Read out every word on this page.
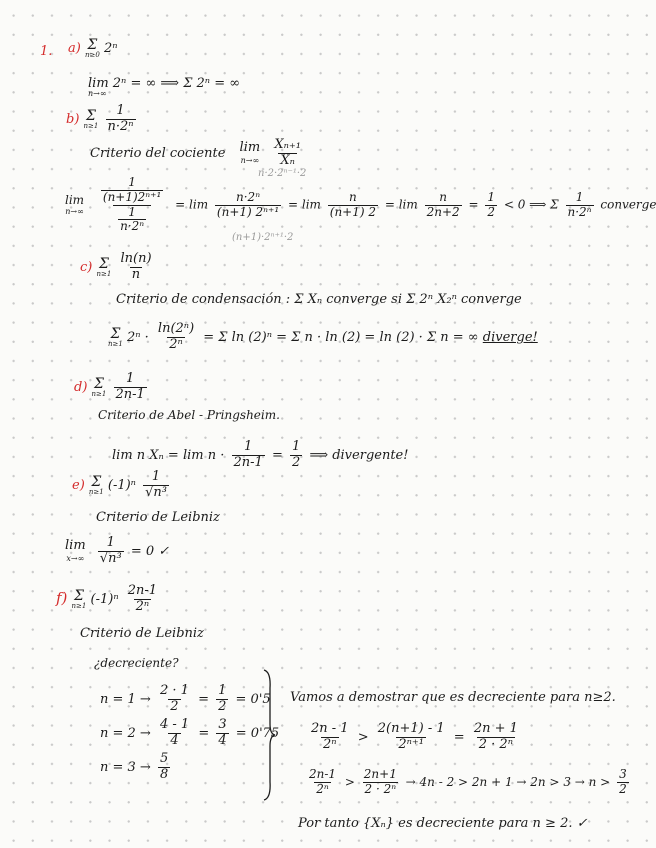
1. a) Σ
n≥0 2ⁿ
lim 2ⁿ = ∞ ⟹ Σ 2ⁿ = ∞
n→∞
b) Σ
n≥1
$\frac{1}{\text{n·2ⁿ}}$
Criterio del cociente lim
n→∞
$\frac{\text{Xₙ₊₁}}{\text{Xₙ}}$
n·2·2ⁿ⁻¹·2
(n+1)·2ⁿ⁺¹·2
lim
n→∞
$\frac{\frac{1}{\text{(n+1)2ⁿ⁺¹}}}{\frac{1}{\text{n·2ⁿ}}} = \lim \frac{\text{n·2ⁿ}}{\text{(n+1) 2ⁿ⁺¹}} = \lim \frac{n}{(n+1) 2} = \lim \frac{n}{2n+2} = \frac{1}{2} < 0$ ⟹ Σ $\frac{1}{\text{n·2ⁿ}}$ converge
c) Σ
n≥1
$\frac{\ln(n)}{n}$
Criterio de condensación : Σ Xₙ converge si Σ 2ⁿ X₂ⁿ converge
Σ
n≥1 $2^n \cdot \frac{\text{ln(2ⁿ)}}{\text{2ⁿ}} = \Sigma$ ln (2)ⁿ = Σ n · ln (2) = ln (2) · Σ n = ∞ diverge!
d) Σ
n≥1
$\frac{1}{2n-1}$
Criterio de Abel - Pringsheim.
lim n $X_n = \lim n \cdot \frac{1}{2n-1} = \frac{1}{2}$ ⟹ divergente!
e) Σ
n≥1 $(-1)^n \frac{1}{\text{√n³}}$
Criterio de Leibniz
lim
x→∞
$\frac{1}{\text{√n³}} = 0$ ✓
f) Σ
n≥1 $(-1)^n \frac{2n-1}{\text{2ⁿ}}$
Criterio de Leibniz
¿decreciente?
$n = 1 \to \frac{2 \cdot 1}{2} = \frac{1}{2} = 0'5$
$n = 2 \to \frac{4 - 1}{4} = \frac{3}{4} = 0'75$
$n = 3 \to \frac{5}{8}$
Vamos a demostrar que es decreciente para n≥2.
$\frac{2n - 1}{\text{2ⁿ}} > \frac{2(n+1) - 1}{\text{2ⁿ⁺¹}} = \frac{2n + 1}{\text{2 · 2ⁿ}}$
$\frac{2n-1}{\text{2ⁿ}} > \frac{2n+1}{\text{2 · 2ⁿ}} \to 4n - 2 > 2n + 1 \to 2n > 3 \to n > \frac{3}{2}$
Por tanto {Xₙ} es decreciente para n ≥ 2. ✓
